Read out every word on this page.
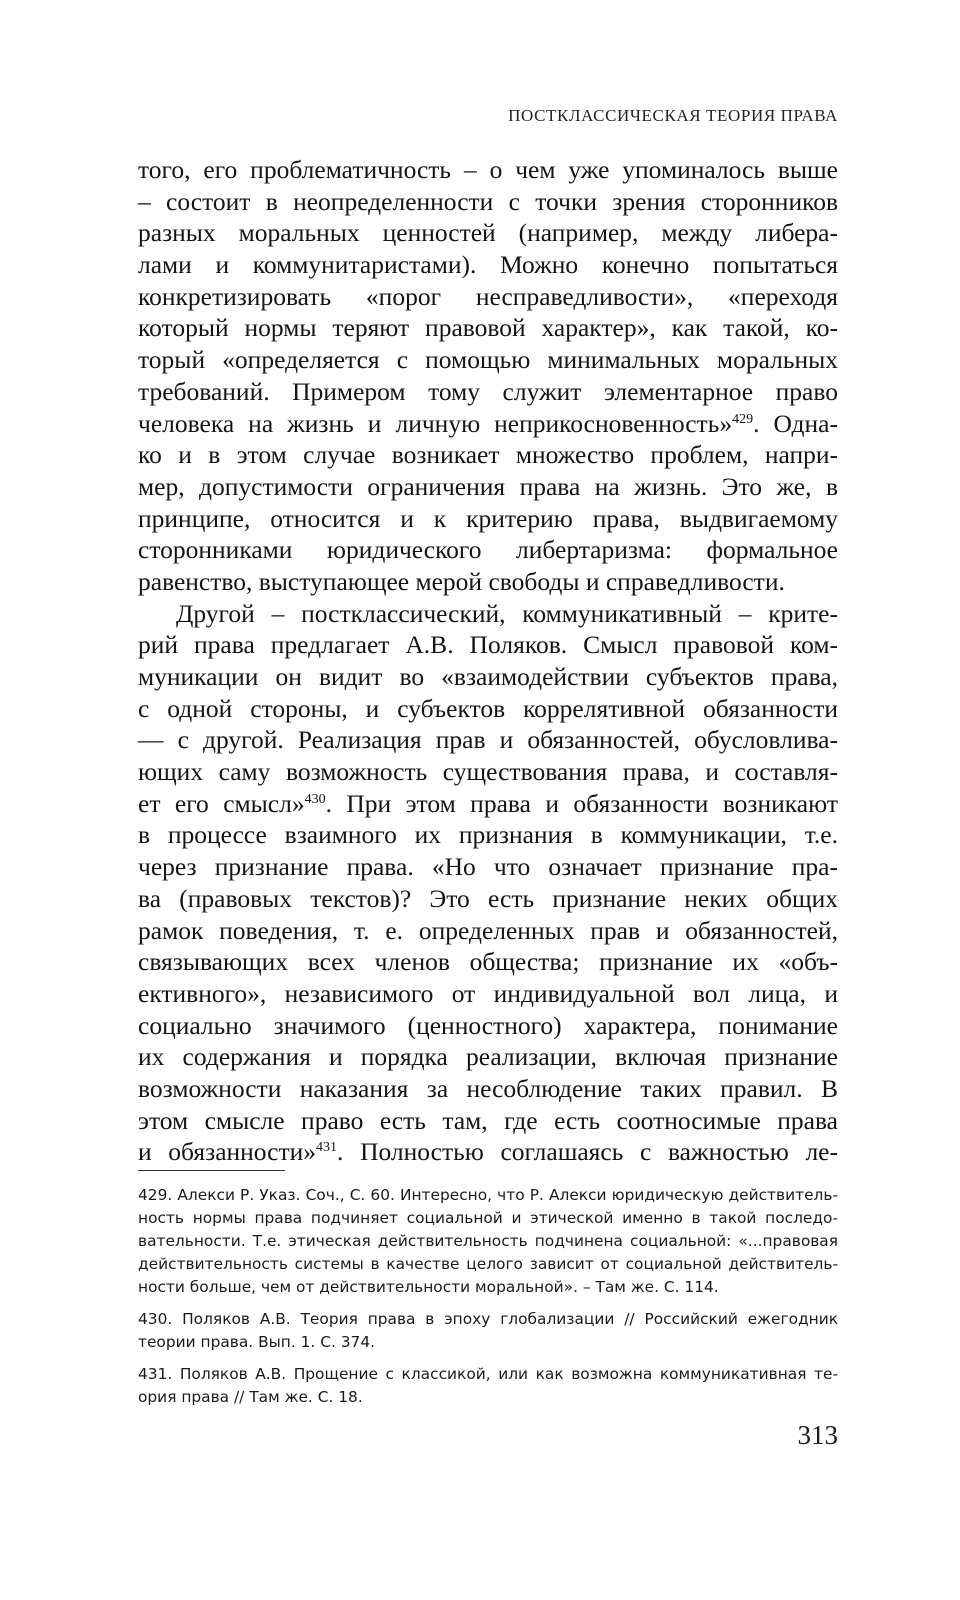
ПОСТКЛАССИЧЕСКАЯ ТЕОРИЯ ПРАВА
того, его проблематичность – о чем уже упоминалось выше
– состоит в неопределенности с точки зрения сторонников
разных моральных ценностей (например, между либера-
лами и коммунитаристами). Можно конечно попытаться
конкретизировать «порог несправедливости», «переходя
который нормы теряют правовой характер», как такой, ко-
торый «определяется с помощью минимальных моральных
требований. Примером тому служит элементарное право
человека на жизнь и личную неприкосновенность»$^{429}$. Одна-
ко и в этом случае возникает множество проблем, напри-
мер, допустимости ограничения права на жизнь. Это же, в
принципе, относится и к критерию права, выдвигаемому
сторонниками юридического либертаризма: формальное
равенство, выступающее мерой свободы и справедливости.
Другой – постклассический, коммуникативный – крите-
рий права предлагает А.В. Поляков. Смысл правовой ком-
муникации он видит во «взаимодействии субъектов права,
с одной стороны, и субъектов коррелятивной обязанности
— с другой. Реализация прав и обязанностей, обусловлива-
ющих саму возможность существования права, и составля-
ет его смысл»$^{430}$. При этом права и обязанности возникают
в процессе взаимного их признания в коммуникации, т.е.
через признание права. «Но что означает признание пра-
ва (правовых текстов)? Это есть признание неких общих
рамок поведения, т. е. определенных прав и обязанностей,
связывающих всех членов общества; признание их «объ-
ективного», независимого от индивидуальной вол лица, и
социально значимого (ценностного) характера, понимание
их содержания и порядка реализации, включая признание
возможности наказания за несоблюдение таких правил. В
этом смысле право есть там, где есть соотносимые права
и обязанности»$^{431}$. Полностью соглашаясь с важностью ле-
429. Алекси Р. Указ. Соч., С. 60. Интересно, что Р. Алекси юридическую действитель-
ность нормы права подчиняет социальной и этической именно в такой последо-
вательности. Т.е. этическая действительность подчинена социальной: «...правовая
действительность системы в качестве целого зависит от социальной действитель-
ности больше, чем от действительности моральной». – Там же. С. 114.
430. Поляков А.В. Теория права в эпоху глобализации // Российский ежегодник
теории права. Вып. 1. С. 374.
431. Поляков А.В. Прощение с классикой, или как возможна коммуникативная те-
ория права // Там же. С. 18.
313
